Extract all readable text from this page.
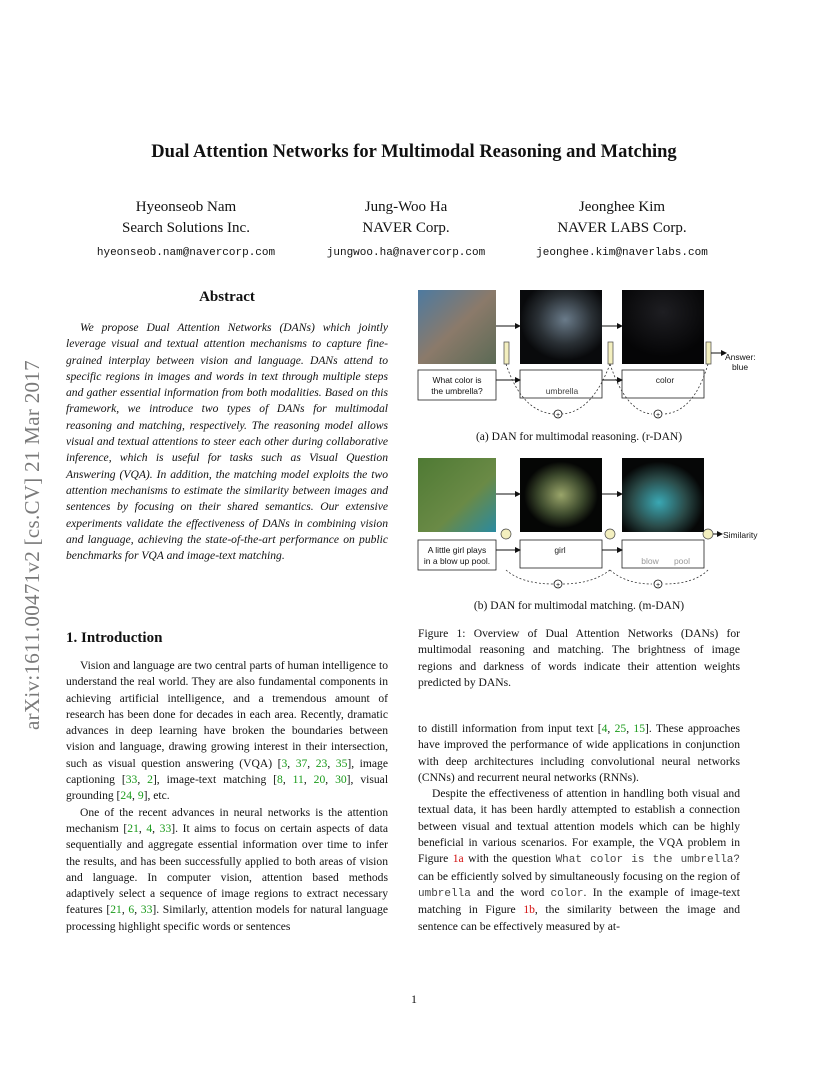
arXiv:1611.00471v2 [cs.CV] 21 Mar 2017
Dual Attention Networks for Multimodal Reasoning and Matching
Hyeonseob Nam
Search Solutions Inc.
hyeonseob.nam@navercorp.com
Jung-Woo Ha
NAVER Corp.
jungwoo.ha@navercorp.com
Jeonghee Kim
NAVER LABS Corp.
jeonghee.kim@naverlabs.com
Abstract
We propose Dual Attention Networks (DANs) which jointly leverage visual and textual attention mechanisms to capture fine-grained interplay between vision and language. DANs attend to specific regions in images and words in text through multiple steps and gather essential information from both modalities. Based on this framework, we introduce two types of DANs for multimodal reasoning and matching, respectively. The reasoning model allows visual and textual attentions to steer each other during collaborative inference, which is useful for tasks such as Visual Question Answering (VQA). In addition, the matching model exploits the two attention mechanisms to estimate the similarity between images and sentences by focusing on their shared semantics. Our extensive experiments validate the effectiveness of DANs in combining vision and language, achieving the state-of-the-art performance on public benchmarks for VQA and image-text matching.
1. Introduction

Vision and language are two central parts of human intelligence to understand the real world. They are also fundamental components in achieving artificial intelligence, and a tremendous amount of research has been done for decades in each area. Recently, dramatic advances in deep learning have broken the boundaries between vision and language, drawing growing interest in their intersection, such as visual question answering (VQA) [3, 37, 23, 35], image captioning [33, 2], image-text matching [8, 11, 20, 30], visual grounding [24, 9], etc.

One of the recent advances in neural networks is the attention mechanism [21, 4, 33]. It aims to focus on certain aspects of data sequentially and aggregate essential information over time to infer the results, and has been successfully applied to both areas of vision and language. In computer vision, attention based methods adaptively select a sequence of image regions to extract necessary features [21, 6, 33]. Similarly, attention models for natural language processing highlight specific words or sentences

Answer:
blue
What color is
the umbrella?	umbrella
color
+	+
(a) DAN for multimodal reasoning. (r-DAN)
Similarity
A little girl plays
in a blow up pool.
girl
blow pool
+	+
(b) DAN for multimodal matching. (m-DAN)
Figure 1: Overview of Dual Attention Networks (DANs) for multimodal reasoning and matching. The brightness of image regions and darkness of words indicate their attention weights predicted by DANs.

to distill information from input text [4, 25, 15]. These approaches have improved the performance of wide applications in conjunction with deep architectures including convolutional neural networks (CNNs) and recurrent neural networks (RNNs).

Despite the effectiveness of attention in handling both visual and textual data, it has been hardly attempted to establish a connection between visual and textual attention models which can be highly beneficial in various scenarios. For example, the VQA problem in Figure 1a with the question What color is the umbrella? can be efficiently solved by simultaneously focusing on the region of umbrella and the word color. In the example of image-text matching in Figure 1b, the similarity between the image and sentence can be effectively measured by at-

1
